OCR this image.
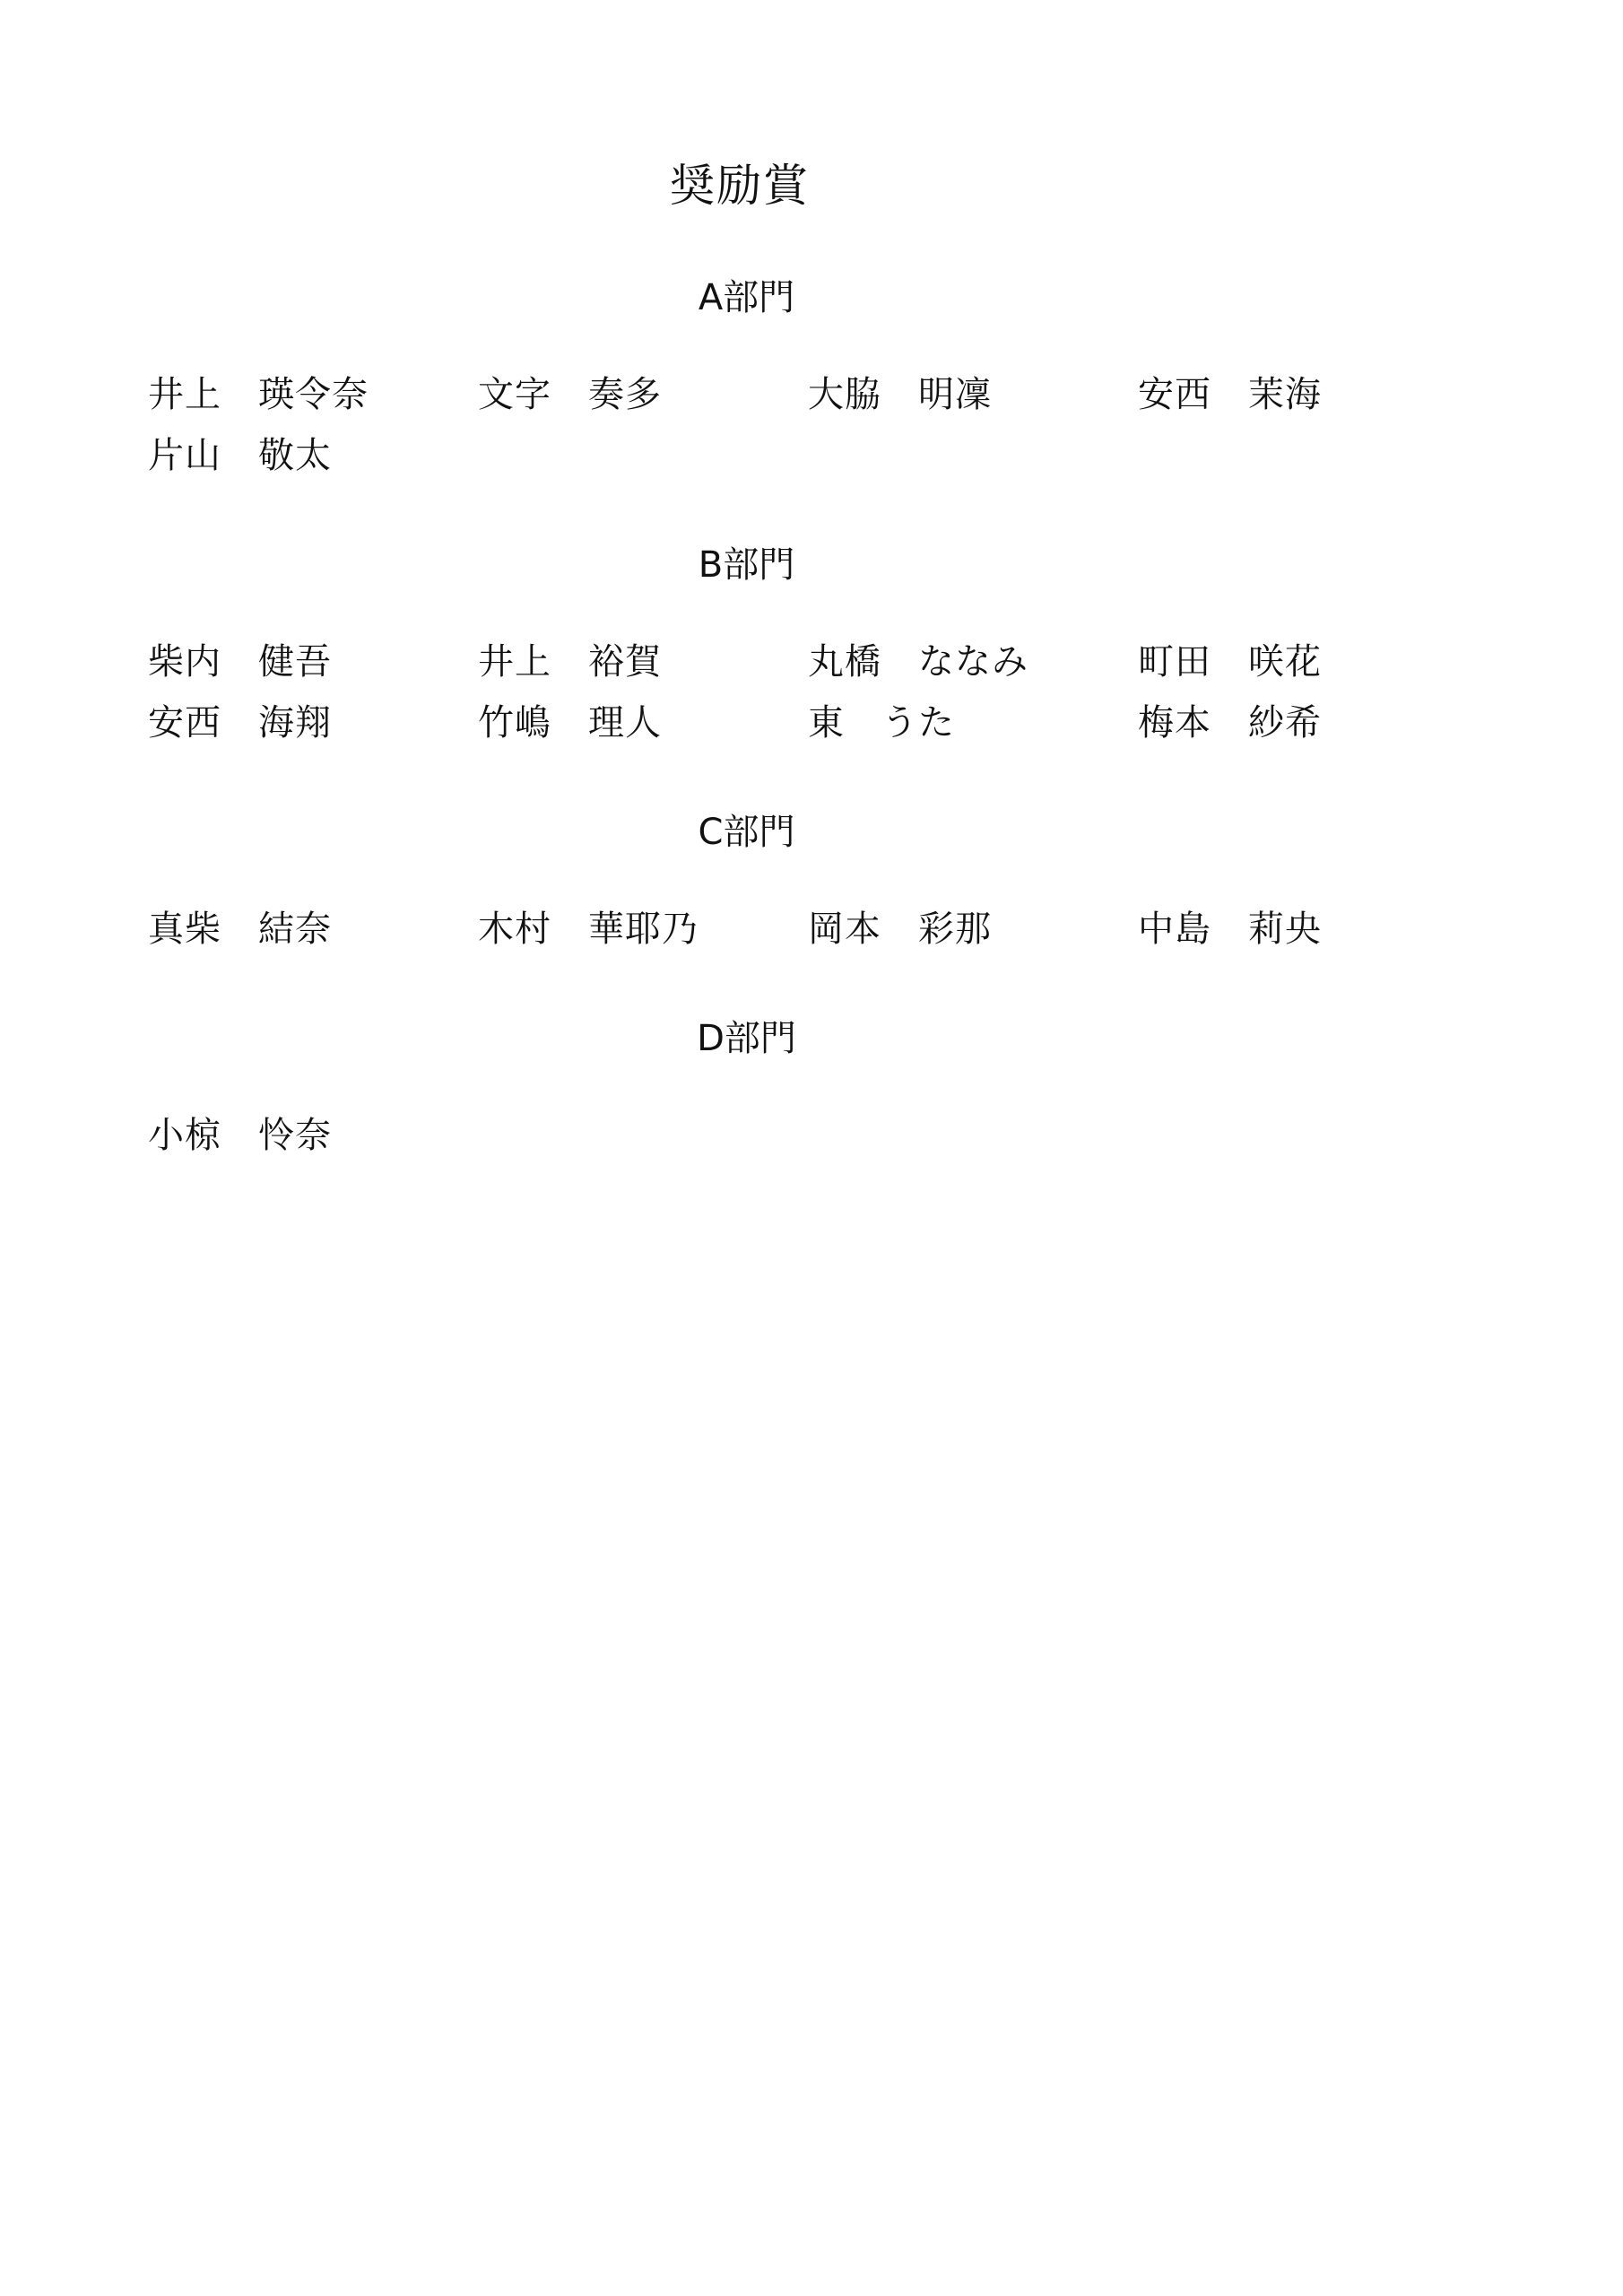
奨励賞
A部門
井上　瑛令奈	文字　奏多	大脇　明凜	安西　茉海
片山　敬太
B部門
柴内　健吾	井上　裕賀	丸橋　ななみ	町田　咲花
安西　海翔	竹嶋　理人	東　うた	梅本　紗希
C部門
真柴　結奈	木村　華耶乃	岡本　彩那	中島　莉央
D部門
小椋　怜奈
